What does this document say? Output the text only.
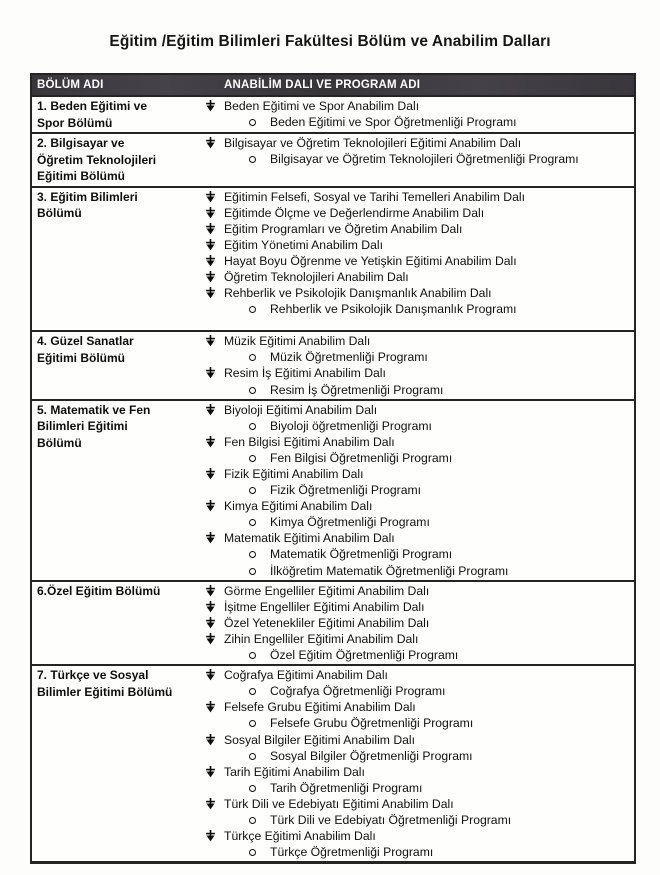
Eğitim /Eğitim Bilimleri Fakültesi Bölüm ve Anabilim Dalları
BÖLÜM ADI	ANABİLİM DALI VE PROGRAM ADI
1. Beden Eğitimi ve
Spor Bölümü
Beden Eğitimi ve Spor Anabilim Dalı
Beden Eğitimi ve Spor Öğretmenliği Programı
2. Bilgisayar ve
Öğretim Teknolojileri
Eğitimi Bölümü
Bilgisayar ve Öğretim Teknolojileri Eğitimi Anabilim Dalı
Bilgisayar ve Öğretim Teknolojileri Öğretmenliği Programı
3. Eğitim Bilimleri
Bölümü
Eğitimin Felsefi, Sosyal ve Tarihi Temelleri Anabilim Dalı
Eğitimde Ölçme ve Değerlendirme Anabilim Dalı
Eğitim Programları ve Öğretim Anabilim Dalı
Eğitim Yönetimi Anabilim Dalı
Hayat Boyu Öğrenme ve Yetişkin Eğitimi Anabilim Dalı
Öğretim Teknolojileri Anabilim Dalı
Rehberlik ve Psikolojik Danışmanlık Anabilim Dalı
Rehberlik ve Psikolojik Danışmanlık Programı
4. Güzel Sanatlar
Eğitimi Bölümü
Müzik Eğitimi Anabilim Dalı
Müzik Öğretmenliği Programı
Resim İş Eğitimi Anabilim Dalı
Resim İş Öğretmenliği Programı
5. Matematik ve Fen
Bilimleri Eğitimi
Bölümü
Biyoloji Eğitimi Anabilim Dalı
Biyoloji öğretmenliği Programı
Fen Bilgisi Eğitimi Anabilim Dalı
Fen Bilgisi Öğretmenliği Programı
Fizik Eğitimi Anabilim Dalı
Fizik Öğretmenliği Programı
Kimya Eğitimi Anabilim Dalı
Kimya Öğretmenliği Programı
Matematik Eğitimi Anabilim Dalı
Matematik Öğretmenliği Programı
İlköğretim Matematik Öğretmenliği Programı
6.Özel Eğitim Bölümü	Görme Engelliler Eğitimi Anabilim Dalı
İşitme Engelliler Eğitimi Anabilim Dalı
Özel Yetenekliler Eğitimi Anabilim Dalı
Zihin Engelliler Eğitimi Anabilim Dalı
Özel Eğitim Öğretmenliği Programı
7. Türkçe ve Sosyal
Bilimler Eğitimi Bölümü
Coğrafya Eğitimi Anabilim Dalı
Coğrafya Öğretmenliği Programı
Felsefe Grubu Eğitimi Anabilim Dalı
Felsefe Grubu Öğretmenliği Programı
Sosyal Bilgiler Eğitimi Anabilim Dalı
Sosyal Bilgiler Öğretmenliği Programı
Tarih Eğitimi Anabilim Dalı
Tarih Öğretmenliği Programı
Türk Dili ve Edebiyatı Eğitimi Anabilim Dalı
Türk Dili ve Edebiyatı Öğretmenliği Programı
Türkçe Eğitimi Anabilim Dalı
Türkçe Öğretmenliği Programı
